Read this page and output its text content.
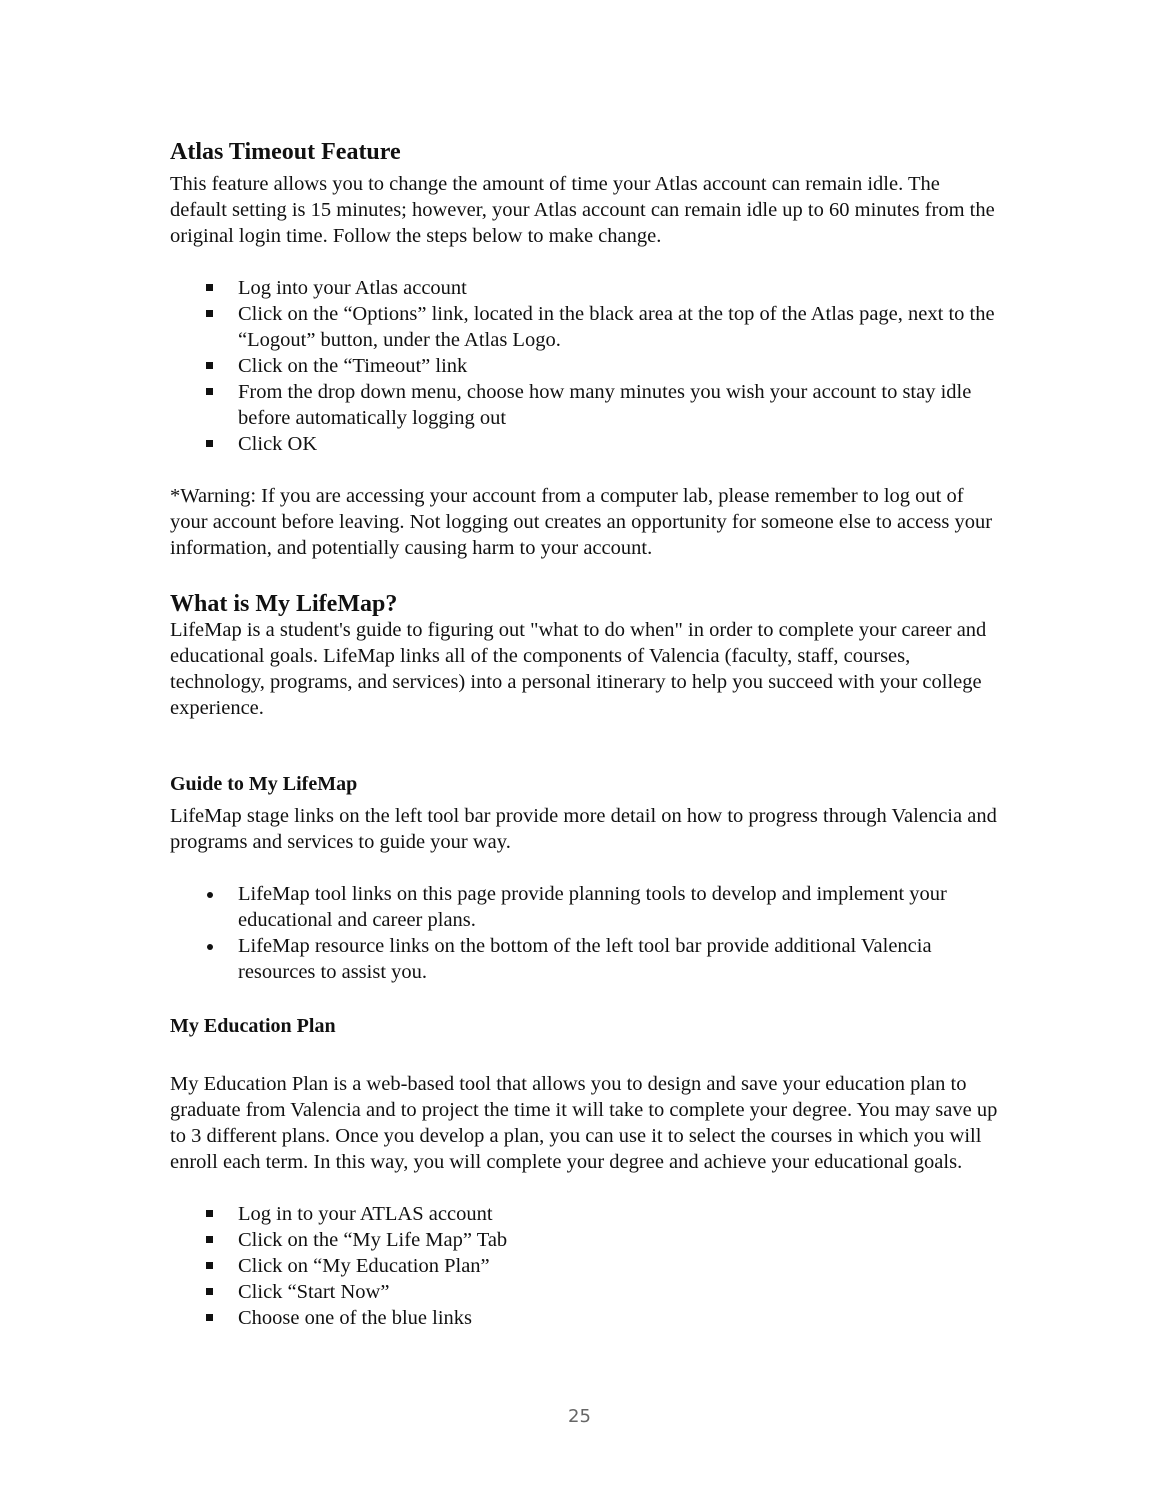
Atlas Timeout Feature

This feature allows you to change the amount of time your Atlas account can remain idle. The default setting is 15 minutes; however, your Atlas account can remain idle up to 60 minutes from the original login time. Follow the steps below to make change.

Log into your Atlas account
Click on the “Options” link, located in the black area at the top of the Atlas page, next to the “Logout” button, under the Atlas Logo.
Click on the “Timeout” link
From the drop down menu, choose how many minutes you wish your account to stay idle before automatically logging out
Click OK

*Warning: If you are accessing your account from a computer lab, please remember to log out of your account before leaving. Not logging out creates an opportunity for someone else to access your information, and potentially causing harm to your account.

What is My LifeMap?

LifeMap is a student's guide to figuring out "what to do when" in order to complete your career and educational goals. LifeMap links all of the components of Valencia (faculty, staff, courses, technology, programs, and services) into a personal itinerary to help you succeed with your college experience.

Guide to My LifeMap

LifeMap stage links on the left tool bar provide more detail on how to progress through Valencia and programs and services to guide your way.

LifeMap tool links on this page provide planning tools to develop and implement your educational and career plans.
LifeMap resource links on the bottom of the left tool bar provide additional Valencia resources to assist you.
My Education Plan

My Education Plan is a web-based tool that allows you to design and save your education plan to graduate from Valencia and to project the time it will take to complete your degree. You may save up to 3 different plans. Once you develop a plan, you can use it to select the courses in which you will enroll each term. In this way, you will complete your degree and achieve your educational goals.

Log in to your ATLAS account
Click on the “My Life Map” Tab
Click on “My Education Plan”
Click “Start Now”
Choose one of the blue links
25
